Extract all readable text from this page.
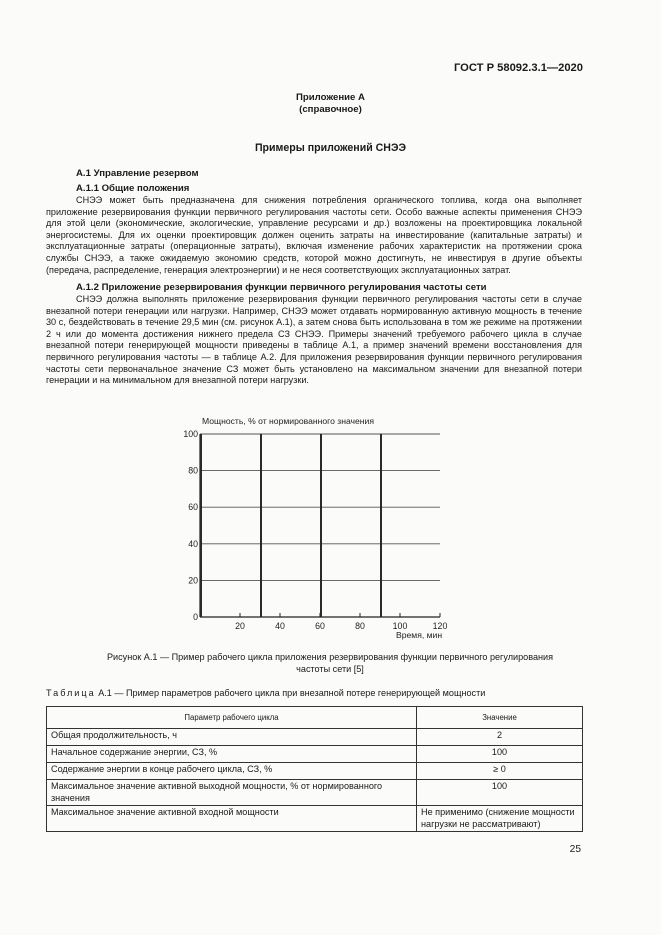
ГОСТ Р 58092.3.1—2020
Приложение А
(справочное)
Примеры приложений СНЭЭ
А.1 Управление резервом
А.1.1 Общие положения
СНЭЭ может быть предназначена для снижения потребления органического топлива, когда она выполняет приложение резервирования функции первичного регулирования частоты сети. Особо важные аспекты применения СНЭЭ для этой цели (экономические, экологические, управление ресурсами и др.) возложены на проектировщика локальной энергосистемы. Для их оценки проектировщик должен оценить затраты на инвестирование (капитальные затраты) и эксплуатационные затраты (операционные затраты), включая изменение рабочих характеристик на протяжении срока службы СНЭЭ, а также ожидаемую экономию средств, которой можно достигнуть, не инвестируя в другие объекты (передача, распределение, генерация электроэнергии) и не неся соответствующих эксплуатационных затрат.
А.1.2 Приложение резервирования функции первичного регулирования частоты сети
СНЭЭ должна выполнять приложение резервирования функции первичного регулирования частоты сети в случае внезапной потери генерации или нагрузки. Например, СНЭЭ может отдавать нормированную активную мощность в течение 30 с, бездействовать в течение 29,5 мин (см. рисунок А.1), а затем снова быть использована в том же режиме на протяжении 2 ч или до момента достижения нижнего предела СЗ СНЭЭ. Примеры значений требуемого рабочего цикла в случае внезапной потери генерирующей мощности приведены в таблице А.1, а пример значений времени восстановления для первичного регулирования частоты — в таблице А.2. Для приложения резервирования функции первичного регулирования частоты сети первоначальное значение СЗ может быть установлено на максимальном значении для внезапной потери генерации и на минимальном для внезапной потери нагрузки.
Мощность, % от нормированного значения
20	40	60	80	100	120
0
20
40
60
80
100
Время, мин
Рисунок А.1 — Пример рабочего цикла приложения резервирования функции первичного регулирования
частоты сети [5]
Таблица А.1 — Пример параметров рабочего цикла при внезапной потере генерирующей мощности
Параметр рабочего цикла	Значение
Общая продолжительность, ч	2
Начальное содержание энергии, СЗ, %	100
Содержание энергии в конце рабочего цикла, СЗ, %	≥ 0
Максимальное значение активной выходной мощности, % от нормированного значения	100
Максимальное значение активной входной мощности	Не применимо (снижение мощности нагрузки не рассматривают)
25
